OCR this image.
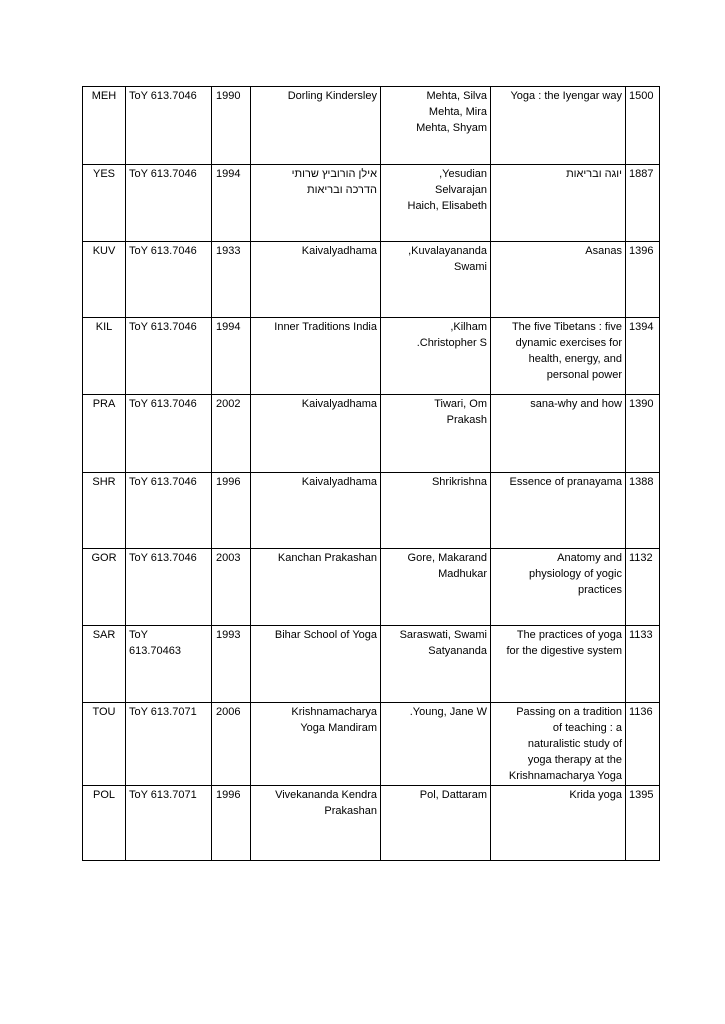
MEH	ToY 613.7046	1990	Dorling Kindersley	Mehta, Silva
Mehta, Mira
Mehta, Shyam	Yoga : the Iyengar way	1500

YES	ToY 613.7046	1994	אילן הורוביץ שרותי
הדרכה ובריאות	,Yesudian
Selvarajan
Haich, Elisabeth	יוגה ובריאות	1887

KUV	ToY 613.7046	1933	Kaivalyadhama	,Kuvalayananda
Swami	Asanas	1396

KIL	ToY 613.7046	1994	Inner Traditions India	,Kilham
.Christopher S	The five Tibetans : five
dynamic exercises for
health, energy, and
personal power	1394

PRA	ToY 613.7046	2002	Kaivalyadhama	Tiwari, Om
Prakash	sana-why and how	1390

SHR	ToY 613.7046	1996	Kaivalyadhama	Shrikrishna	Essence of pranayama	1388

GOR	ToY 613.7046	2003	Kanchan Prakashan	Gore, Makarand
Madhukar	Anatomy and
physiology of yogic
practices	1132

SAR	ToY
613.70463	1993	Bihar School of Yoga	Saraswati, Swami
Satyananda	The practices of yoga
for the digestive system	1133

TOU	ToY 613.7071	2006	Krishnamacharya
Yoga Mandiram	.Young, Jane W	Passing on a tradition
of teaching : a
naturalistic study of
yoga therapy at the
Krishnamacharya Yoga	1136

POL	ToY 613.7071	1996	Vivekananda Kendra
Prakashan	Pol, Dattaram	Krida yoga	1395
